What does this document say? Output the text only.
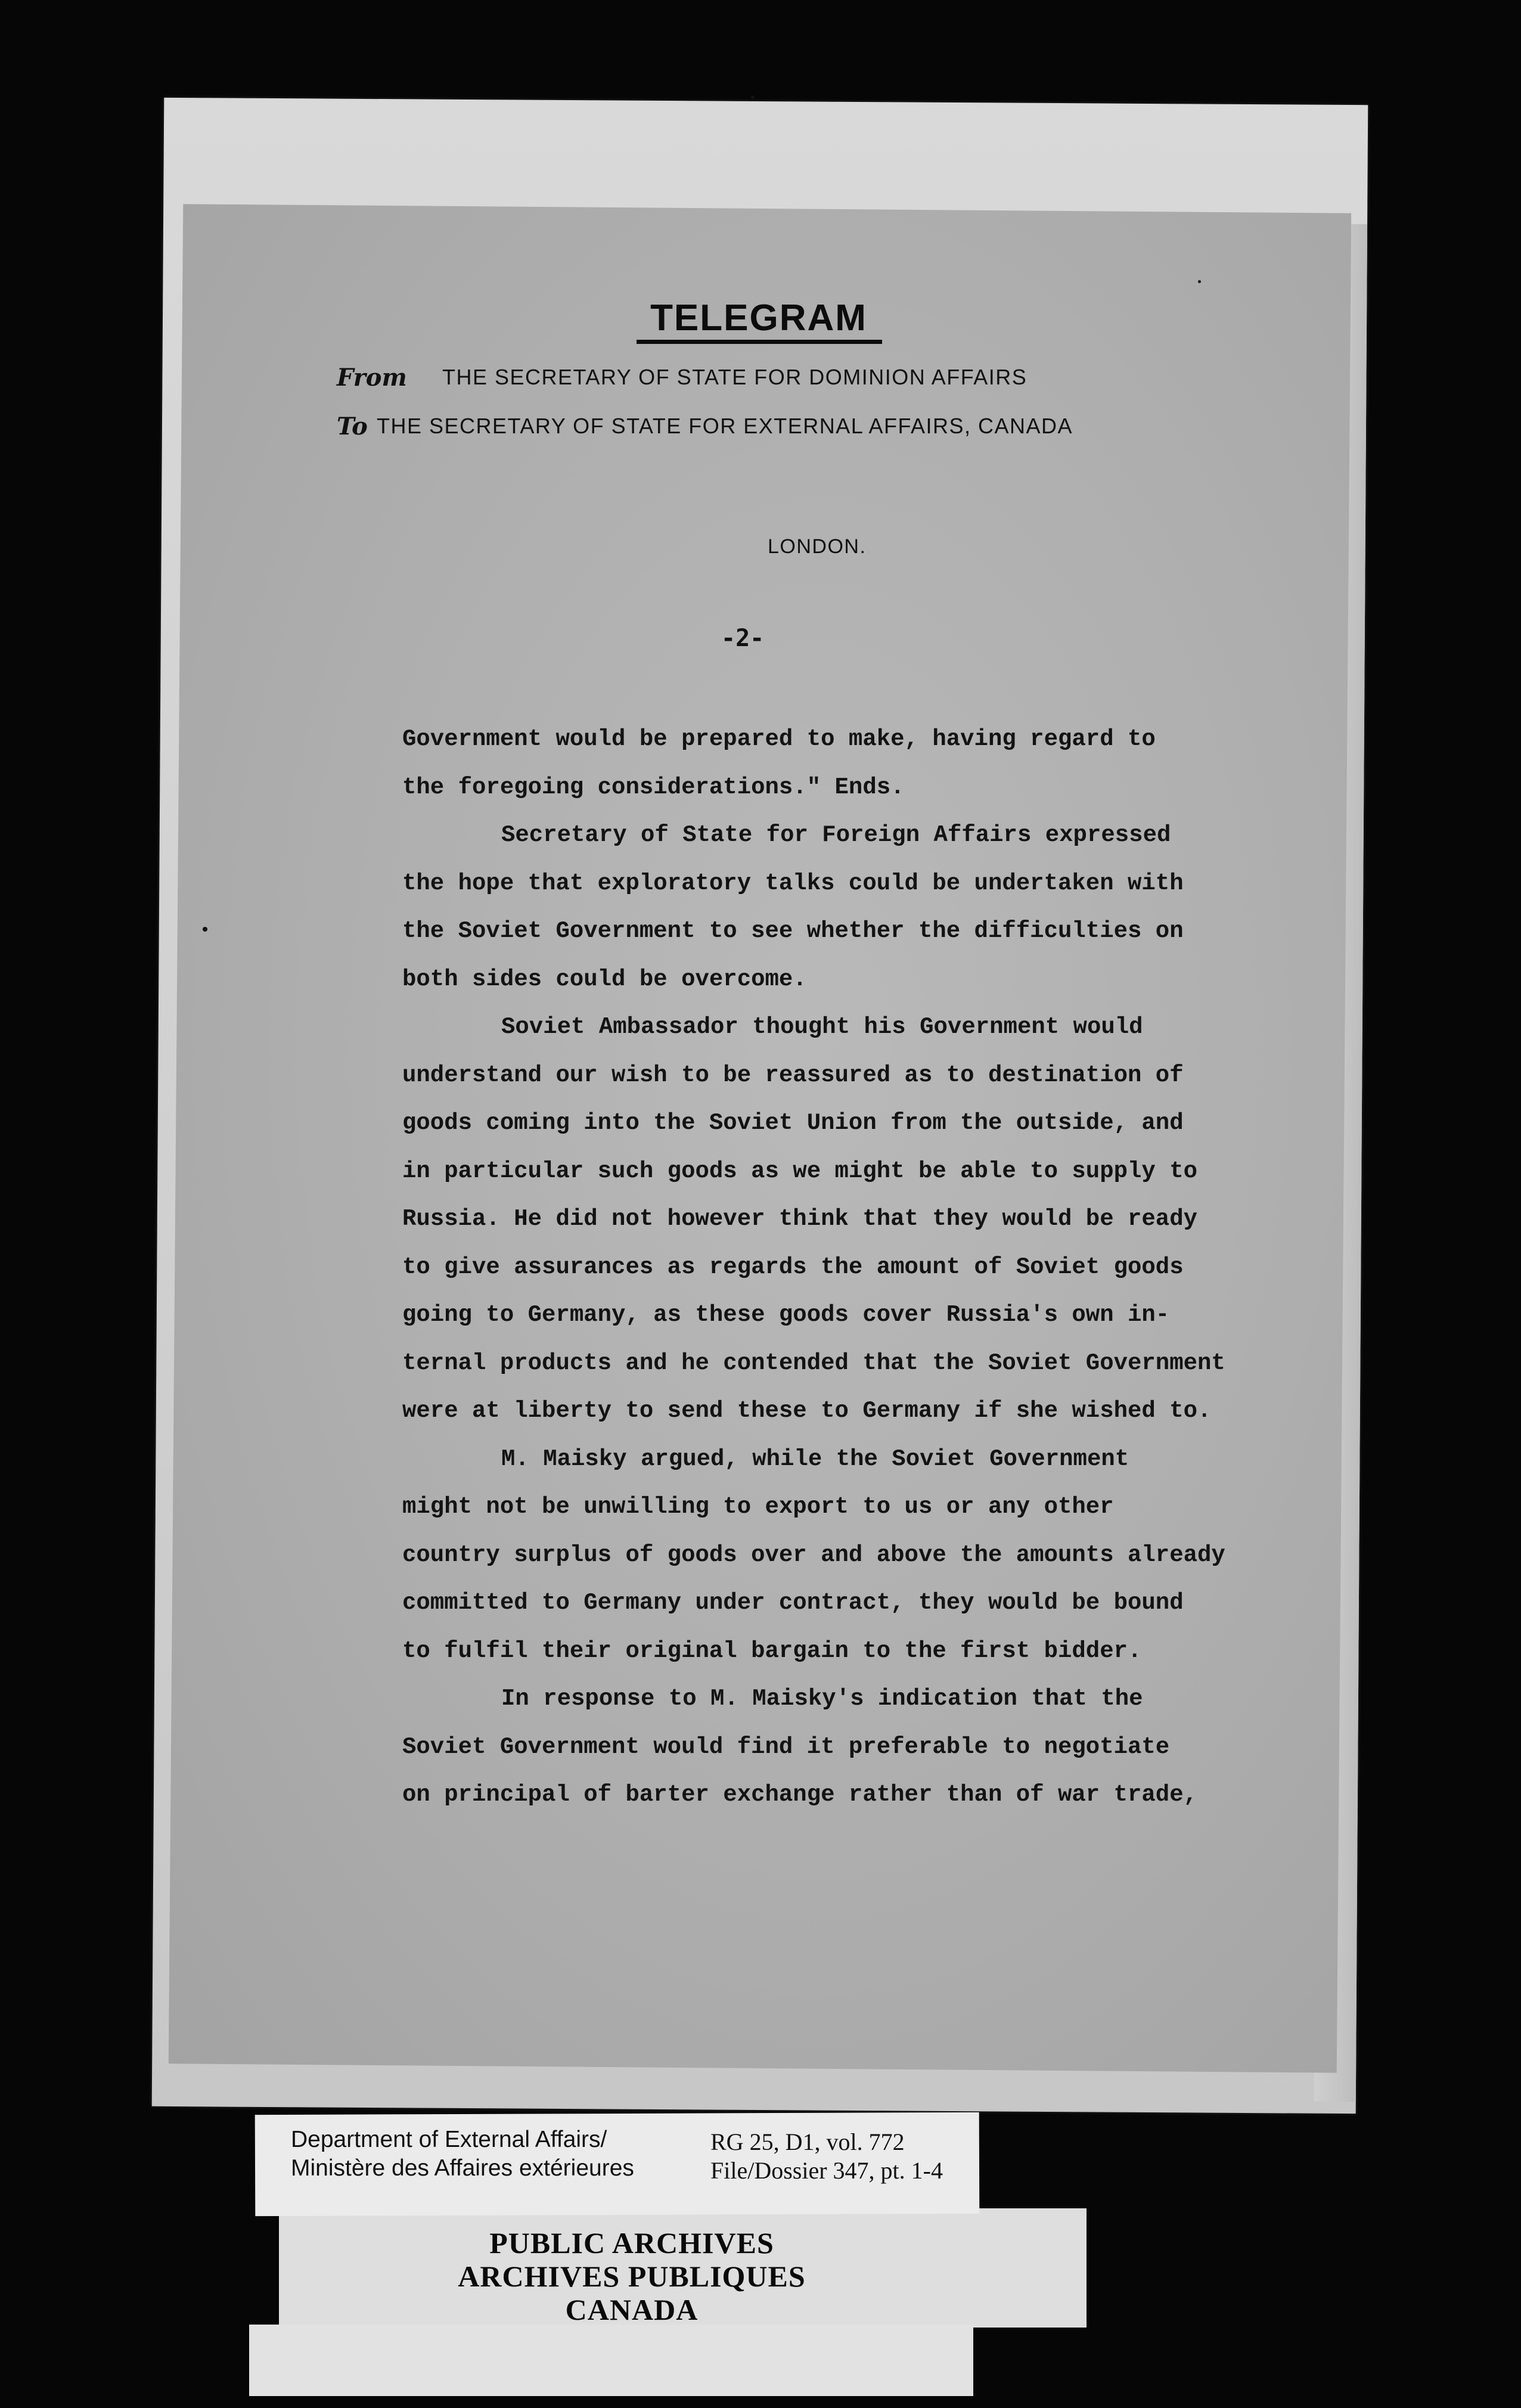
TELEGRAM
From THE SECRETARY OF STATE FOR DOMINION AFFAIRS
To THE SECRETARY OF STATE FOR EXTERNAL AFFAIRS, CANADA
LONDON.
-2-
Government would be prepared to make, having regard to
the foregoing considerations." Ends.
Secretary of State for Foreign Affairs expressed
the hope that exploratory talks could be undertaken with
the Soviet Government to see whether the difficulties on
both sides could be overcome.
Soviet Ambassador thought his Government would
understand our wish to be reassured as to destination of
goods coming into the Soviet Union from the outside, and
in particular such goods as we might be able to supply to
Russia. He did not however think that they would be ready
to give assurances as regards the amount of Soviet goods
going to Germany, as these goods cover Russia's own in-
ternal products and he contended that the Soviet Government
were at liberty to send these to Germany if she wished to.
M. Maisky argued, while the Soviet Government
might not be unwilling to export to us or any other
country surplus of goods over and above the amounts already
committed to Germany under contract, they would be bound
to fulfil their original bargain to the first bidder.
In response to M. Maisky's indication that the
Soviet Government would find it preferable to negotiate
on principal of barter exchange rather than of war trade,
Department of External Affairs/
Ministère des Affaires extérieures
RG 25, D1, vol. 772
File/Dossier 347, pt. 1-4
PUBLIC ARCHIVES
ARCHIVES PUBLIQUES
CANADA
